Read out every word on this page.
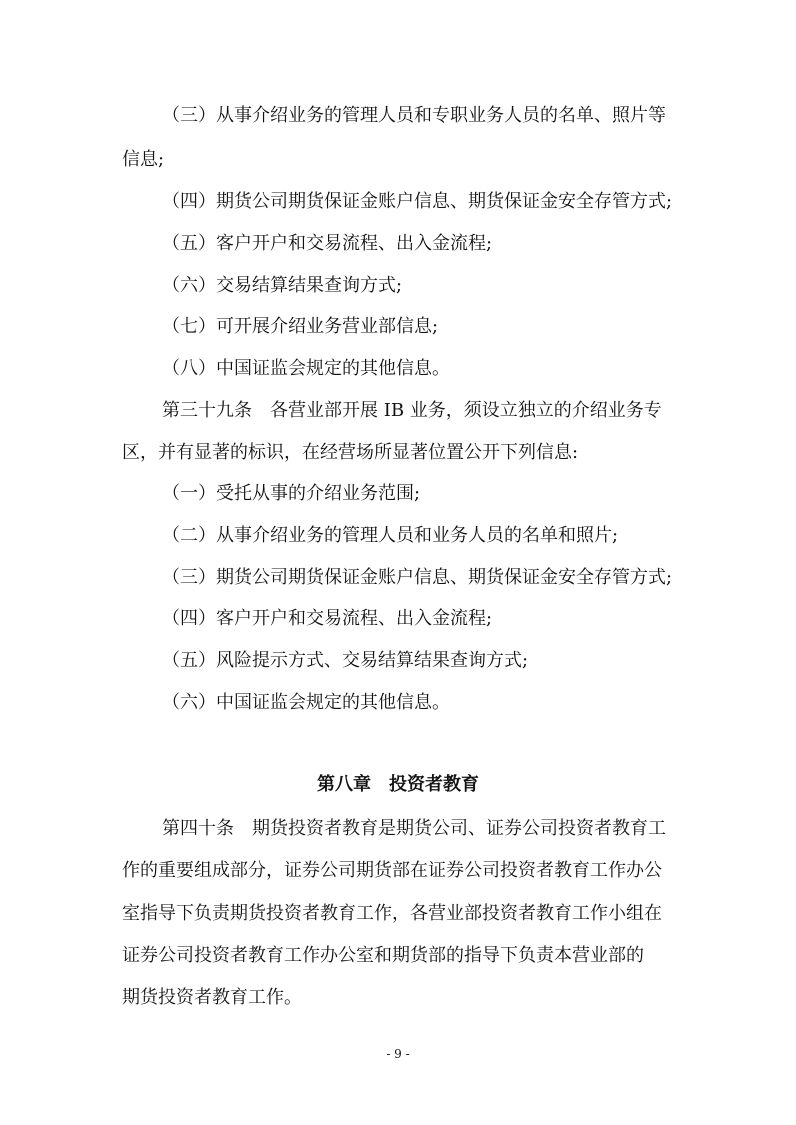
（三）从事介绍业务的管理人员和专职业务人员的名单、照片等
信息;
（四）期货公司期货保证金账户信息、期货保证金安全存管方式;
（五）客户开户和交易流程、出入金流程;
（六）交易结算结果查询方式;
（七）可开展介绍业务营业部信息;
（八）中国证监会规定的其他信息。
第三十九条　各营业部开展 IB 业务，须设立独立的介绍业务专
区，并有显著的标识，在经营场所显著位置公开下列信息:
（一）受托从事的介绍业务范围;
（二）从事介绍业务的管理人员和业务人员的名单和照片;
（三）期货公司期货保证金账户信息、期货保证金安全存管方式;
（四）客户开户和交易流程、出入金流程;
（五）风险提示方式、交易结算结果查询方式;
（六）中国证监会规定的其他信息。
第八章　投资者教育
第四十条　期货投资者教育是期货公司、证券公司投资者教育工
作的重要组成部分，证券公司期货部在证券公司投资者教育工作办公
室指导下负责期货投资者教育工作，各营业部投资者教育工作小组在
证券公司投资者教育工作办公室和期货部的指导下负责本营业部的
期货投资者教育工作。
- 9 -
